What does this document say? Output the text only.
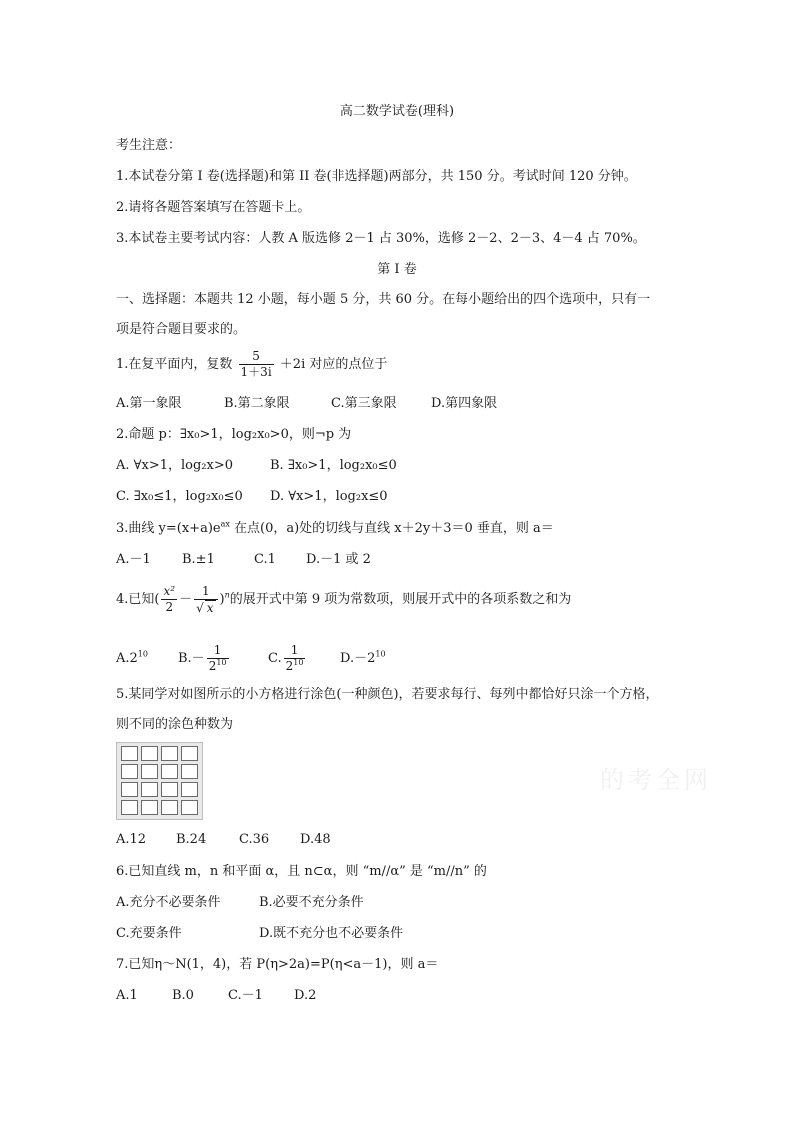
高二数学试卷(理科)
考生注意：
1.本试卷分第 I 卷(选择题)和第 II 卷(非选择题)两部分，共 150 分。考试时间 120 分钟。
2.请将各题答案填写在答题卡上。
3.本试卷主要考试内容：人教 A 版选修 2－1 占 30%，选修 2－2、2－3、4－4 占 70%。
第 I 卷
一、选择题：本题共 12 小题，每小题 5 分，共 60 分。在每小题给出的四个选项中，只有一
项是符合题目要求的。
1.在复平面内，复数 $\frac{5}{1+3i} +2i$ 对应的点位于
A.第一象限	B.第二象限	C.第三象限	D.第四象限
2.命题 p：∃x₀>1，log₂x₀>0，则¬p 为
A. ∀x>1，log₂x>0	B. ∃x₀>1，log₂x₀≤0
C. ∃x₀≤1，log₂x₀≤0 D. ∀x>1，log₂x≤0
3.曲线 $y=(x+a)e^{ax}$ 在点(0，a)处的切线与直线 x＋2y＋3＝0 垂直，则 a＝
A.－1 B.±1	C.1 D.－1 或 2
4.已知( $\frac{\text{x²}}{2} - \frac{1}{√ x} )^n$的展开式中第 9 项为常数项，则展开式中的各项系数之和为
$A.2^{10}$ $B.- \frac{1}{2^{10}}$	C. $\frac{1}{2^{10}}$	$D.-2^{10}$
5.某同学对如图所示的小方格进行涂色(一种颜色)，若要求每行、每列中都恰好只涂一个方格，
则不同的涂色种数为
的考全网
A.12 B.24	C.36 D.48
6.已知直线 m，n 和平面 α，且 n⊂α，则 “m//α” 是 “m//n” 的
A.充分不必要条件	B.必要不充分条件
C.充要条件	D.既不充分也不必要条件
7.已知η～N(1，4)，若 P(η>2a)=P(η<a－1)，则 a＝
A.1	B.0	C.－1 D.2
